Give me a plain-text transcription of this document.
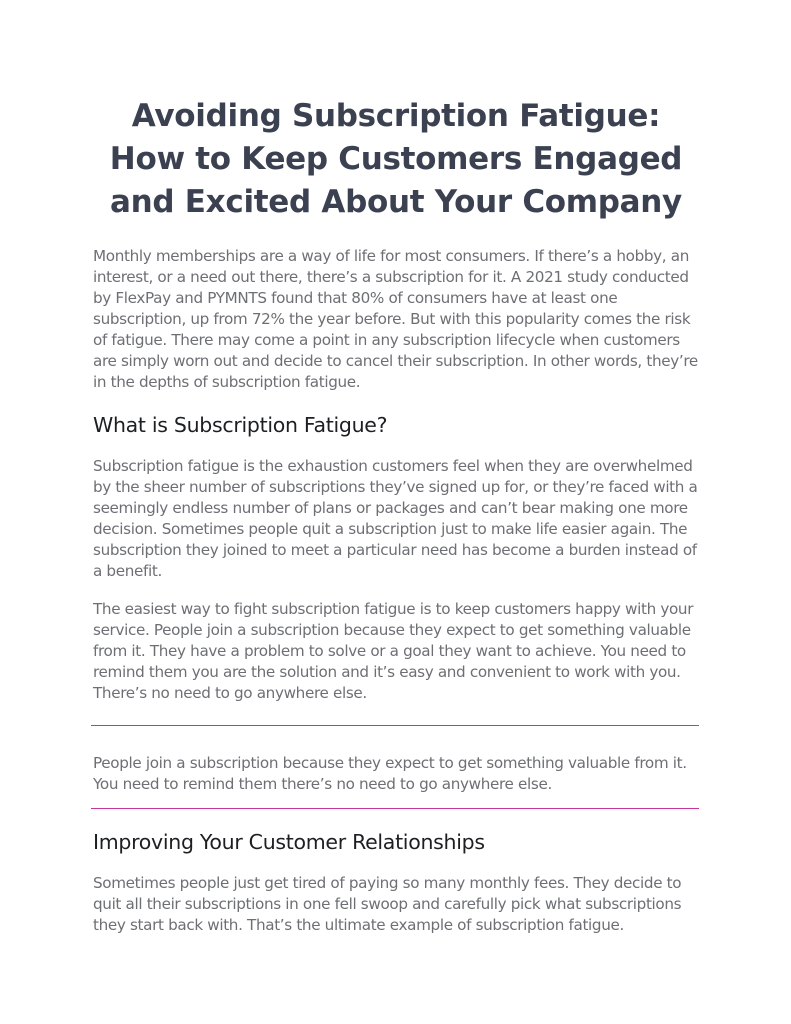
Avoiding Subscription Fatigue: How to Keep Customers Engaged and Excited About Your Company

Monthly memberships are a way of life for most consumers. If there’s a hobby, an interest, or a need out there, there’s a subscription for it. A 2021 study conducted by FlexPay and PYMNTS found that 80% of consumers have at least one subscription, up from 72% the year before. But with this popularity comes the risk of fatigue. There may come a point in any subscription lifecycle when customers are simply worn out and decide to cancel their subscription. In other words, they’re in the depths of subscription fatigue.

What is Subscription Fatigue?

Subscription fatigue is the exhaustion customers feel when they are overwhelmed by the sheer number of subscriptions they’ve signed up for, or they’re faced with a seemingly endless number of plans or packages and can’t bear making one more decision. Sometimes people quit a subscription just to make life easier again. The subscription they joined to meet a particular need has become a burden instead of a benefit.

The easiest way to fight subscription fatigue is to keep customers happy with your service. People join a subscription because they expect to get something valuable from it. They have a problem to solve or a goal they want to achieve. You need to remind them you are the solution and it’s easy and convenient to work with you. There’s no need to go anywhere else.

People join a subscription because they expect to get something valuable from it. You need to remind them there’s no need to go anywhere else.

Improving Your Customer Relationships

Sometimes people just get tired of paying so many monthly fees. They decide to quit all their subscriptions in one fell swoop and carefully pick what subscriptions they start back with. That’s the ultimate example of subscription fatigue.
